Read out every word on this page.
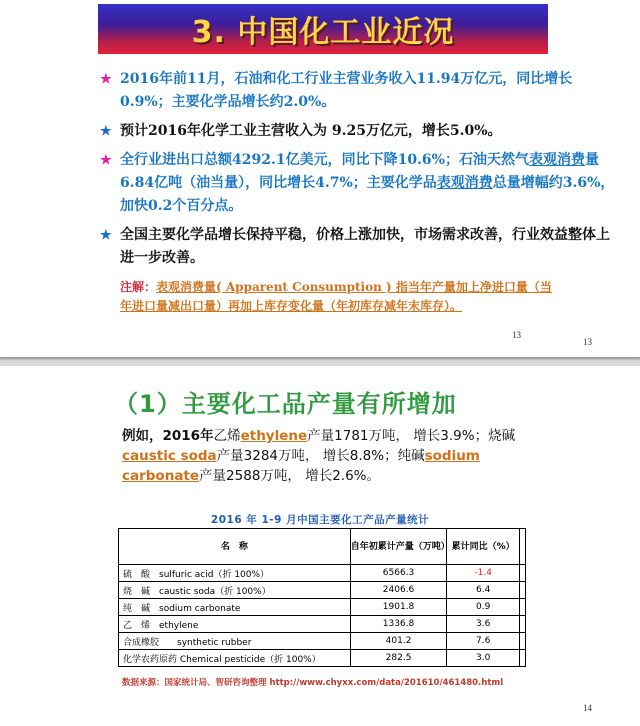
3. 中国化工业近况
★ 2016年前11月，石油和化工行业主营业务收入11.94万亿元，同比增长0.9%；主要化学品增长约2.0%。
★ 预计2016年化学工业主营收入为 9.25万亿元，增长5.0%。
★ 全行业进出口总额4292.1亿美元，同比下降10.6%；石油天然气表观消费量6.84亿吨（油当量），同比增长4.7%；主要化学品表观消费总量增幅约3.6%，加快0.2个百分点。
★ 全国主要化学品增长保持平稳，价格上涨加快，市场需求改善，行业效益整体上进一步改善。
注解：表观消费量( Apparent Consumption ) 指当年产量加上净进口量（当年进口量减出口量）再加上库存变化量（年初库存减年末库存）。
13
13
（1）主要化工品产量有所增加
例如，2016年乙烯ethylene产量1781万吨， 增长3.9%；烧碱caustic soda产量3284万吨， 增长8.8%；纯碱sodium carbonate产量2588万吨， 增长2.6%。
2016 年 1-9 月中国主要化工产品产量统计
名　称	自年初累计产量（万吨）	累计同比（%）	
硫　酸　sulfuric acid（折 100%）	6566.3	-1.4	
烧　碱　caustic soda（折 100%）	2406.6	6.4	
纯　碱　sodium carbonate	1901.8	0.9	
乙　烯　ethylene	1336.8	3.6	
合成橡胶　　synthetic rubber	401.2	7.6	
化学农药原药 Chemical pesticide（折 100%）	282.5	3.0	
数据来源：国家统计局、智研咨询整理 http://www.chyxx.com/data/201610/461480.html
14
